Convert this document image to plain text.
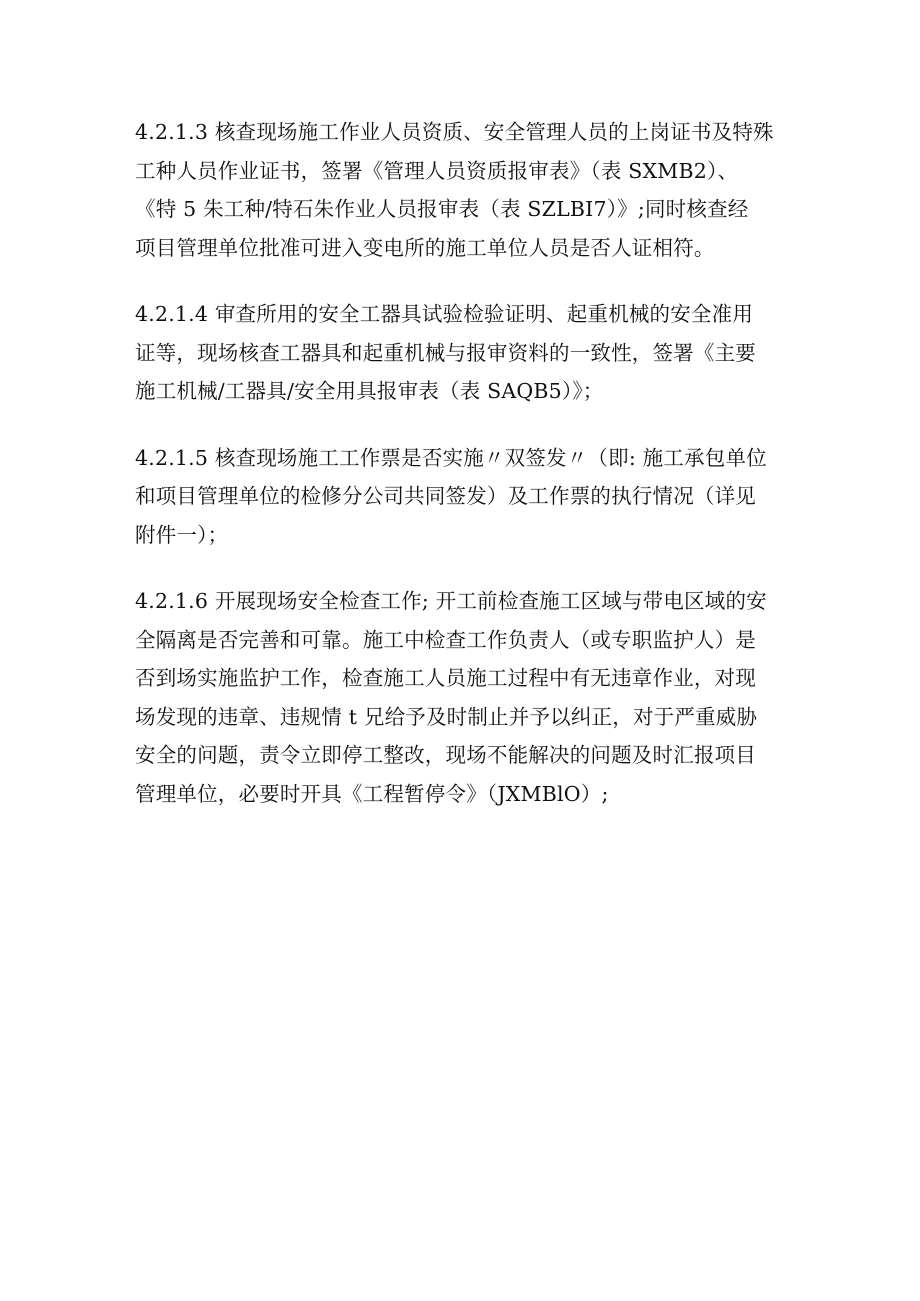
4.2.1.3 核查现场施工作业人员资质、安全管理人员的上岗证书及特殊
工种人员作业证书，签署《管理人员资质报审表》（表 SXMB2）、
《特 5 朱工种/特石朱作业人员报审表（表 SZLBI7）》;同时核查经
项目管理单位批准可进入变电所的施工单位人员是否人证相符。

4.2.1.4 审查所用的安全工器具试验检验证明、起重机械的安全准用
证等，现场核查工器具和起重机械与报审资料的一致性，签署《主要
施工机械/工器具/安全用具报审表（表 SAQB5）》；

4.2.1.5 核查现场施工工作票是否实施〃双签发〃（即: 施工承包单位
和项目管理单位的检修分公司共同签发）及工作票的执行情况（详见
附件一）；

4.2.1.6 开展现场安全检查工作; 开工前检查施工区域与带电区域的安
全隔离是否完善和可靠。施工中检查工作负责人（或专职监护人）是
否到场实施监护工作，检查施工人员施工过程中有无违章作业，对现
场发现的违章、违规情 t 兄给予及时制止并予以纠正，对于严重威胁
安全的问题，责令立即停工整改，现场不能解决的问题及时汇报项目
管理单位，必要时开具《工程暂停令》（JXMBlO）;
